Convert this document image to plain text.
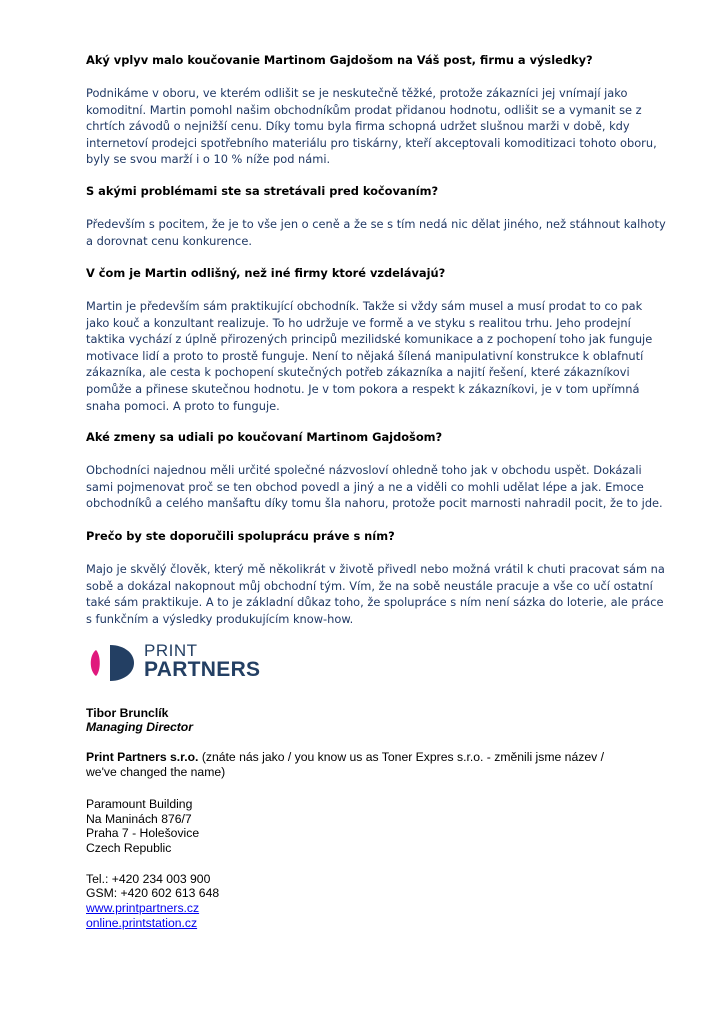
Aký vplyv malo koučovanie Martinom Gajdošom na Váš post, firmu a výsledky?
Podnikáme v oboru, ve kterém odlišit se je neskutečně těžké, protože zákazníci jej vnímají jako
komoditní. Martin pomohl našim obchodníkům prodat přidanou hodnotu, odlišit se a vymanit se z
chrtích závodů o nejnižší cenu. Díky tomu byla firma schopná udržet slušnou marži v době, kdy
internetoví prodejci spotřebního materiálu pro tiskárny, kteří akceptovali komoditizaci tohoto oboru,
byly se svou marží i o 10 % níže pod námi.
S akými problémami ste sa stretávali pred kočovaním?
Především s pocitem, že je to vše jen o ceně a že se s tím nedá nic dělat jiného, než stáhnout kalhoty
a dorovnat cenu konkurence.
V čom je Martin odlišný, než iné firmy ktoré vzdelávajú?
Martin je především sám praktikující obchodník. Takže si vždy sám musel a musí prodat to co pak
jako kouč a konzultant realizuje. To ho udržuje ve formě a ve styku s realitou trhu. Jeho prodejní
taktika vychází z úplně přirozených principů mezilidské komunikace a z pochopení toho jak funguje
motivace lidí a proto to prostě funguje. Není to nějaká šílená manipulativní konstrukce k oblafnutí
zákazníka, ale cesta k pochopení skutečných potřeb zákazníka a najití řešení, které zákazníkovi
pomůže a přinese skutečnou hodnotu. Je v tom pokora a respekt k zákazníkovi, je v tom upřímná
snaha pomoci. A proto to funguje.
Aké zmeny sa udiali po koučovaní Martinom Gajdošom?
Obchodníci najednou měli určité společné názvosloví ohledně toho jak v obchodu uspět. Dokázali
sami pojmenovat proč se ten obchod povedl a jiný a ne a viděli co mohli udělat lépe a jak. Emoce
obchodníků a celého manšaftu díky tomu šla nahoru, protože pocit marnosti nahradil pocit, že to jde.
Prečo by ste doporučili spoluprácu práve s ním?
Majo je skvělý člověk, který mě několikrát v životě přivedl nebo možná vrátil k chuti pracovat sám na
sobě a dokázal nakopnout můj obchodní tým. Vím, že na sobě neustále pracuje a vše co učí ostatní
také sám praktikuje. A to je základní důkaz toho, že spolupráce s ním není sázka do loterie, ale práce
s funkčním a výsledky produkujícím know-how.
PRINT
PARTNERS
Tibor Brunclík
Managing Director
Print Partners s.r.o. (znáte nás jako / you know us as Toner Expres s.r.o. - změnili jsme název /
we've changed the name)
Paramount Building
Na Maninách 876/7
Praha 7 - Holešovice
Czech Republic
Tel.: +420 234 003 900
GSM: +420 602 613 648
www.printpartners.cz
online.printstation.cz
